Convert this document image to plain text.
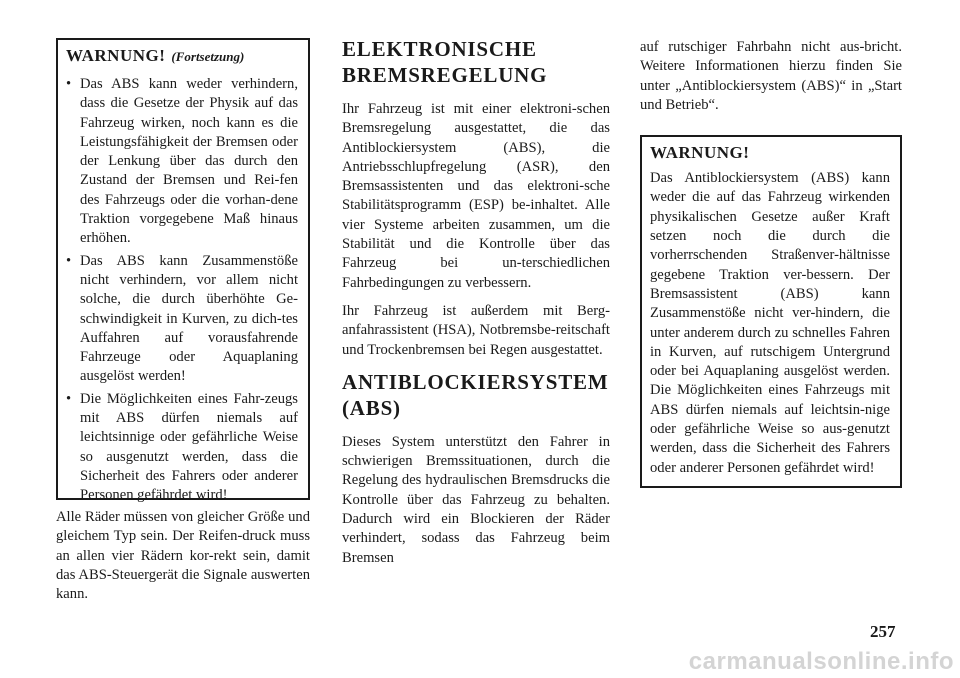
WARNUNG! (Fortsetzung)
• Das ABS kann weder verhindern, dass die Gesetze der Physik auf das Fahrzeug wirken, noch kann es die Leistungsfähigkeit der Bremsen oder der Lenkung über das durch den Zustand der Bremsen und Rei-fen des Fahrzeugs oder die vorhan-dene Traktion vorgegebene Maß hinaus erhöhen.
• Das ABS kann Zusammenstöße nicht verhindern, vor allem nicht solche, die durch überhöhte Ge-schwindigkeit in Kurven, zu dich-tes Auffahren auf vorausfahrende Fahrzeuge oder Aquaplaning ausgelöst werden!
• Die Möglichkeiten eines Fahr-zeugs mit ABS dürfen niemals auf leichtsinnige oder gefährliche Weise so ausgenutzt werden, dass die Sicherheit des Fahrers oder anderer Personen gefährdet wird!

Alle Räder müssen von gleicher Größe und gleichem Typ sein. Der Reifen-druck muss an allen vier Rädern kor-rekt sein, damit das ABS-Steuergerät die Signale auswerten kann.

ELEKTRONISCHE BREMSREGELUNG

Ihr Fahrzeug ist mit einer elektroni-schen Bremsregelung ausgestattet, die das Antiblockiersystem (ABS), die Antriebsschlupfregelung (ASR), den Bremsassistenten und das elektroni-sche Stabilitätsprogramm (ESP) be-inhaltet. Alle vier Systeme arbeiten zusammen, um die Stabilität und die Kontrolle über das Fahrzeug bei un-terschiedlichen Fahrbedingungen zu verbessern.

Ihr Fahrzeug ist außerdem mit Berg-anfahrassistent (HSA), Notbremsbe-reitschaft und Trockenbremsen bei Regen ausgestattet.

ANTIBLOCKIERSYSTEM (ABS)

Dieses System unterstützt den Fahrer in schwierigen Bremssituationen, durch die Regelung des hydraulischen Bremsdrucks die Kontrolle über das Fahrzeug zu behalten. Dadurch wird ein Blockieren der Räder verhindert, sodass das Fahrzeug beim Bremsen

auf rutschiger Fahrbahn nicht aus-bricht. Weitere Informationen hierzu finden Sie unter „Antiblockiersystem (ABS)“ in „Start und Betrieb“.

WARNUNG!

Das Antiblockiersystem (ABS) kann weder die auf das Fahrzeug wirkenden physikalischen Gesetze außer Kraft setzen noch die durch die vorherrschenden Straßenver-hältnisse gegebene Traktion ver-bessern. Der Bremsassistent (ABS) kann Zusammenstöße nicht ver-hindern, die unter anderem durch zu schnelles Fahren in Kurven, auf rutschigem Untergrund oder bei Aquaplaning ausgelöst werden. Die Möglichkeiten eines Fahrzeugs mit ABS dürfen niemals auf leichtsin-nige oder gefährliche Weise so aus-genutzt werden, dass die Sicherheit des Fahrers oder anderer Personen gefährdet wird!

257
carmanualsonline.info
